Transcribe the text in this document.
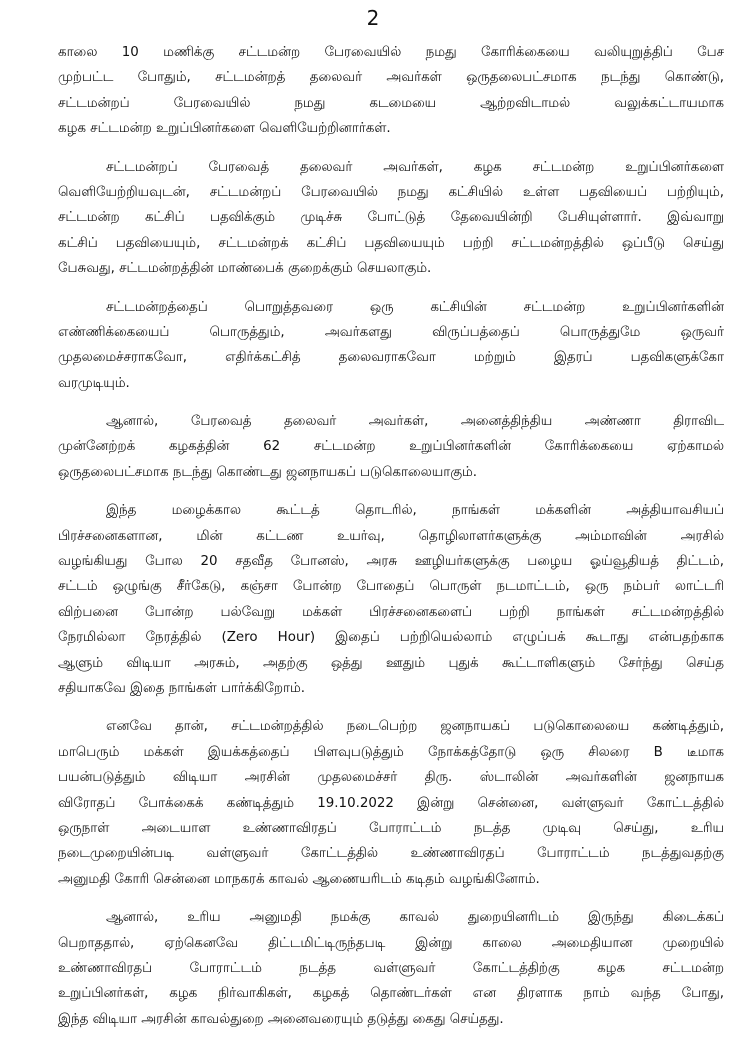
2
காலை 10 மணிக்கு சட்டமன்ற பேரவையில் நமது கோரிக்கையை வலியுறுத்திப் பேச
முற்பட்ட போதும், சட்டமன்றத் தலைவர் அவர்கள் ஒருதலைபட்சமாக நடந்து கொண்டு,
சட்டமன்றப் பேரவையில் நமது கடமையை ஆற்றவிடாமல் வலுக்கட்டாயமாக
கழக சட்டமன்ற உறுப்பினர்களை வெளியேற்றினார்கள்.
சட்டமன்றப் பேரவைத் தலைவர் அவர்கள், கழக சட்டமன்ற உறுப்பினர்களை
வெளியேற்றியவுடன், சட்டமன்றப் பேரவையில் நமது கட்சியில் உள்ள பதவியைப் பற்றியும்,
சட்டமன்ற கட்சிப் பதவிக்கும் முடிச்சு போட்டுத் தேவையின்றி பேசியுள்ளார். இவ்வாறு
கட்சிப் பதவியையும், சட்டமன்றக் கட்சிப் பதவியையும் பற்றி சட்டமன்றத்தில் ஒப்பீடு செய்து
பேசுவது, சட்டமன்றத்தின் மாண்பைக் குறைக்கும் செயலாகும்.
சட்டமன்றத்தைப் பொறுத்தவரை ஒரு கட்சியின் சட்டமன்ற உறுப்பினர்களின்
எண்ணிக்கையைப் பொருத்தும், அவர்களது விருப்பத்தைப் பொருத்துமே ஒருவர்
முதலமைச்சராகவோ, எதிர்க்கட்சித் தலைவராகவோ மற்றும் இதரப் பதவிகளுக்கோ
வரமுடியும்.
ஆனால், பேரவைத் தலைவர் அவர்கள், அனைத்திந்திய அண்ணா திராவிட
முன்னேற்றக் கழகத்தின் 62 சட்டமன்ற உறுப்பினர்களின் கோரிக்கையை ஏற்காமல்
ஒருதலைபட்சமாக நடந்து கொண்டது ஜனநாயகப் படுகொலையாகும்.
இந்த மழைக்கால கூட்டத் தொடரில், நாங்கள் மக்களின் அத்தியாவசியப்
பிரச்சனைகளான, மின் கட்டண உயர்வு, தொழிலாளர்களுக்கு அம்மாவின் அரசில்
வழங்கியது போல 20 சதவீத போனஸ், அரசு ஊழியர்களுக்கு பழைய ஓய்வூதியத் திட்டம்,
சட்டம் ஒழுங்கு சீர்கேடு, கஞ்சா போன்ற போதைப் பொருள் நடமாட்டம், ஒரு நம்பர் லாட்டரி
விற்பனை போன்ற பல்வேறு மக்கள் பிரச்சனைகளைப் பற்றி நாங்கள் சட்டமன்றத்தில்
நேரமில்லா நேரத்தில் (Zero Hour) இதைப் பற்றியெல்லாம் எழுப்பக் கூடாது என்பதற்காக
ஆளும் விடியா அரசும், அதற்கு ஒத்து ஊதும் புதுக் கூட்டாளிகளும் சேர்ந்து செய்த
சதியாகவே இதை நாங்கள் பார்க்கிறோம்.
எனவே தான், சட்டமன்றத்தில் நடைபெற்ற ஜனநாயகப் படுகொலையை கண்டித்தும்,
மாபெரும் மக்கள் இயக்கத்தைப் பிளவுபடுத்தும் நோக்கத்தோடு ஒரு சிலரை B டீமாக
பயன்படுத்தும் விடியா அரசின் முதலமைச்சர் திரு. ஸ்டாலின் அவர்களின் ஜனநாயக
விரோதப் போக்கைக் கண்டித்தும் 19.10.2022 இன்று சென்னை, வள்ளுவர் கோட்டத்தில்
ஒருநாள் அடையாள உண்ணாவிரதப் போராட்டம் நடத்த முடிவு செய்து, உரிய
நடைமுறையின்படி வள்ளுவர் கோட்டத்தில் உண்ணாவிரதப் போராட்டம் நடத்துவதற்கு
அனுமதி கோரி சென்னை மாநகரக் காவல் ஆணையரிடம் கடிதம் வழங்கினோம்.
ஆனால், உரிய அனுமதி நமக்கு காவல் துறையினரிடம் இருந்து கிடைக்கப்
பெறாததால், ஏற்கெனவே திட்டமிட்டிருந்தபடி இன்று காலை அமைதியான முறையில்
உண்ணாவிரதப் போராட்டம் நடத்த வள்ளுவர் கோட்டத்திற்கு கழக சட்டமன்ற
உறுப்பினர்கள், கழக நிர்வாகிகள், கழகத் தொண்டர்கள் என திரளாக நாம் வந்த போது,
இந்த விடியா அரசின் காவல்துறை அனைவரையும் தடுத்து கைது செய்தது.
